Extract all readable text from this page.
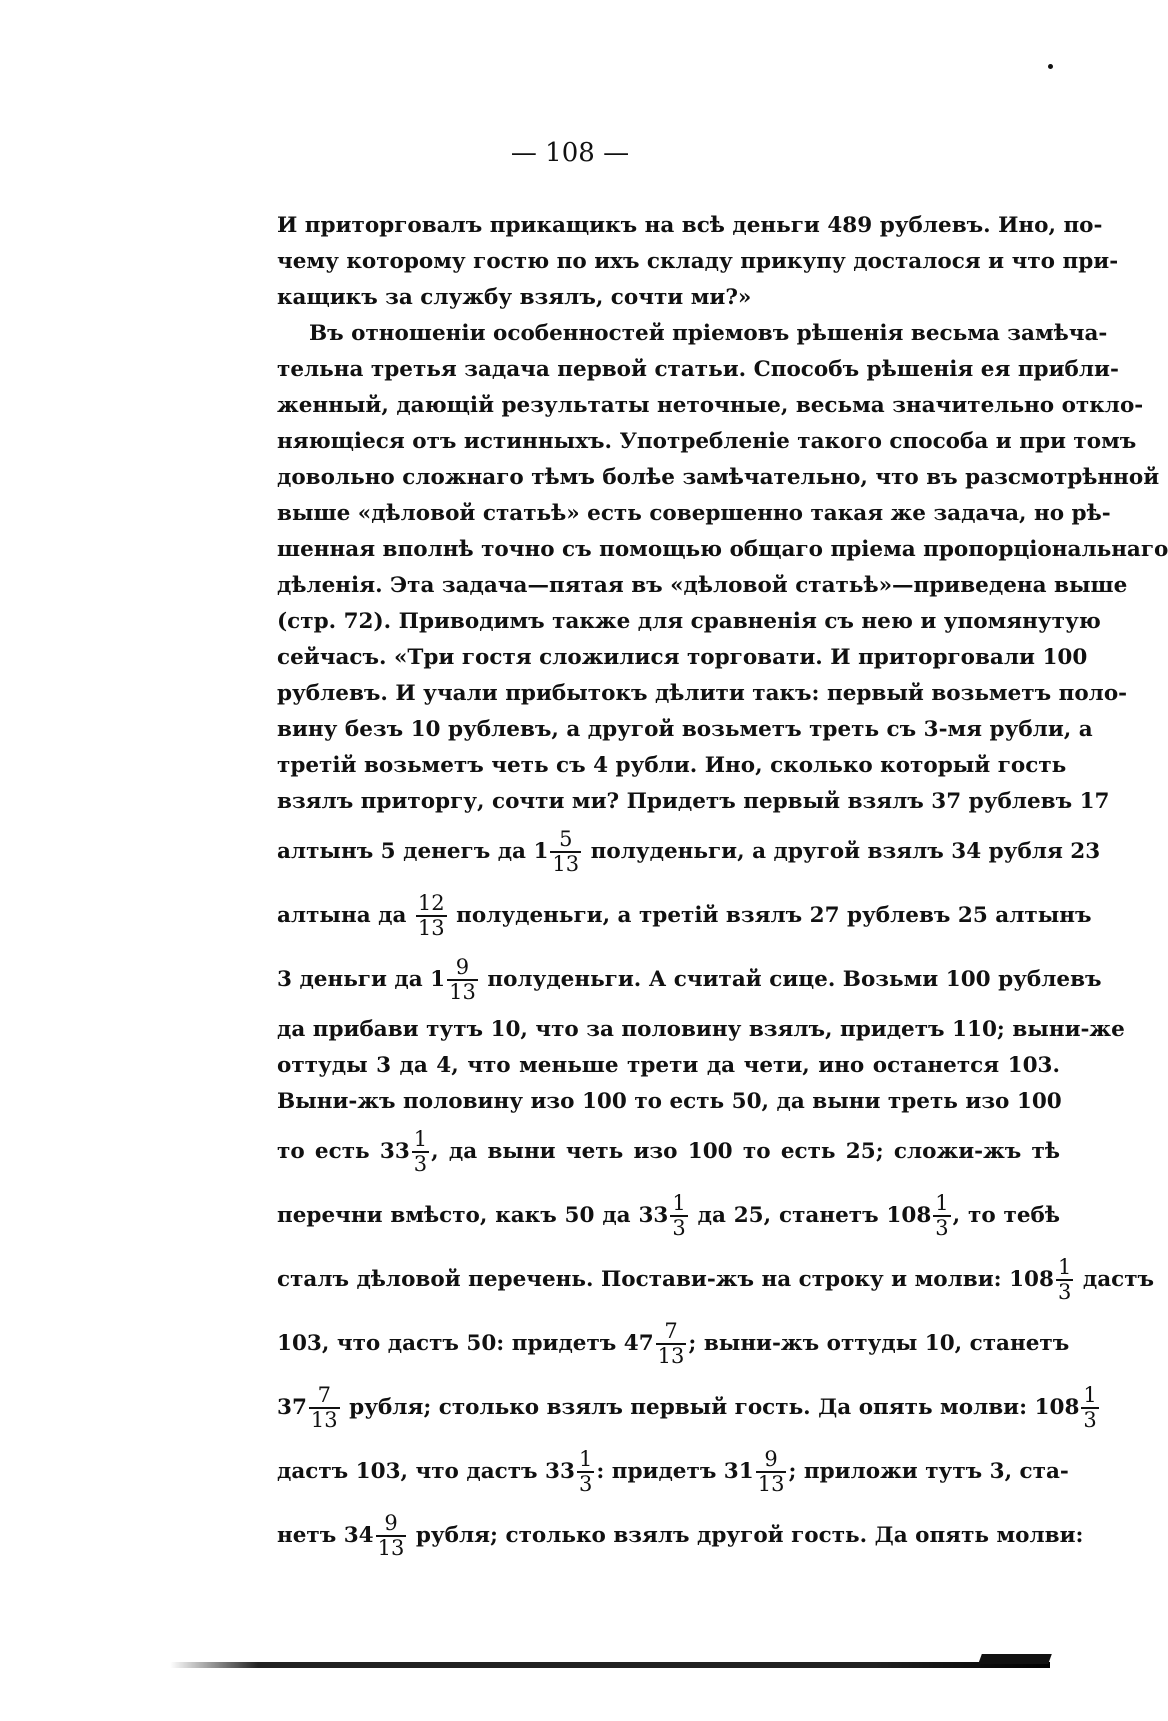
— 108 —
И приторговалъ прикащикъ на всѣ деньги 489 рублевъ. Ино, по-
чему которому гостю по ихъ складу прикупу досталося и что при-
кащикъ за службу взялъ, сочти ми?»
Въ отношеніи особенностей пріемовъ рѣшенія весьма замѣча-
тельна третья задача первой статьи. Способъ рѣшенія ея прибли-
женный, дающій результаты неточные, весьма значительно откло-
няющіеся отъ истинныхъ. Употребленіе такого способа и при томъ
довольно сложнаго тѣмъ болѣе замѣчательно, что въ разсмотрѣнной
выше «дѣловой статьѣ» есть совершенно такая же задача, но рѣ-
шенная вполнѣ точно съ помощью общаго пріема пропорціональнаго
дѣленія. Эта задача—пятая въ «дѣловой статьѣ»—приведена выше
(стр. 72). Приводимъ также для сравненія съ нею и упомянутую
сейчасъ. «Три гостя сложилися торговати. И приторговали 100
рублевъ. И учали прибытокъ дѣлити такъ: первый возьметъ поло-
вину безъ 10 рублевъ, а другой возьметъ треть съ 3-мя рубли, а
третій возьметъ четь съ 4 рубли. Ино, сколько который гость
взялъ приторгу, сочти ми? Придетъ первый взялъ 37 рублевъ 17
алтынъ 5 денегъ да $1 \frac{5}{13}$ полуденьги, а другой взялъ 34 рубля 23
алтына да $\frac{12}{13}$ полуденьги, а третій взялъ 27 рублевъ 25 алтынъ
3 деньги да $1 \frac{9}{13}$ полуденьги. А считай сице. Возьми 100 рублевъ
да прибави тутъ 10, что за половину взялъ, придетъ 110; выни-же
оттуды 3 да 4, что меньше трети да чети, ино останется 103.
Выни-жъ половину изо 100 то есть 50, да выни треть изо 100
то есть $33 \frac{1}{3}$ , да выни четь изо 100 то есть 25; сложи-жъ тѣ
перечни вмѣсто, какъ 50 да $33 \frac{1}{3}$ да 25, станетъ $108 \frac{1}{3}$ , то тебѣ
сталъ дѣловой перечень. Постави-жъ на строку и молви: $108 \frac{1}{3}$ дастъ
103, что дастъ 50: придетъ $47 \frac{7}{13}$ ; выни-жъ оттуды 10, станетъ
$37 \frac{7}{13}$ рубля; столько взялъ первый гость. Да опять молви: $108 \frac{1}{3}$
дастъ 103, что дастъ $33 \frac{1}{3}$ : придетъ $31 \frac{9}{13}$ ; приложи тутъ 3, ста-
нетъ $34 \frac{9}{13}$ рубля; столько взялъ другой гость. Да опять молви:
